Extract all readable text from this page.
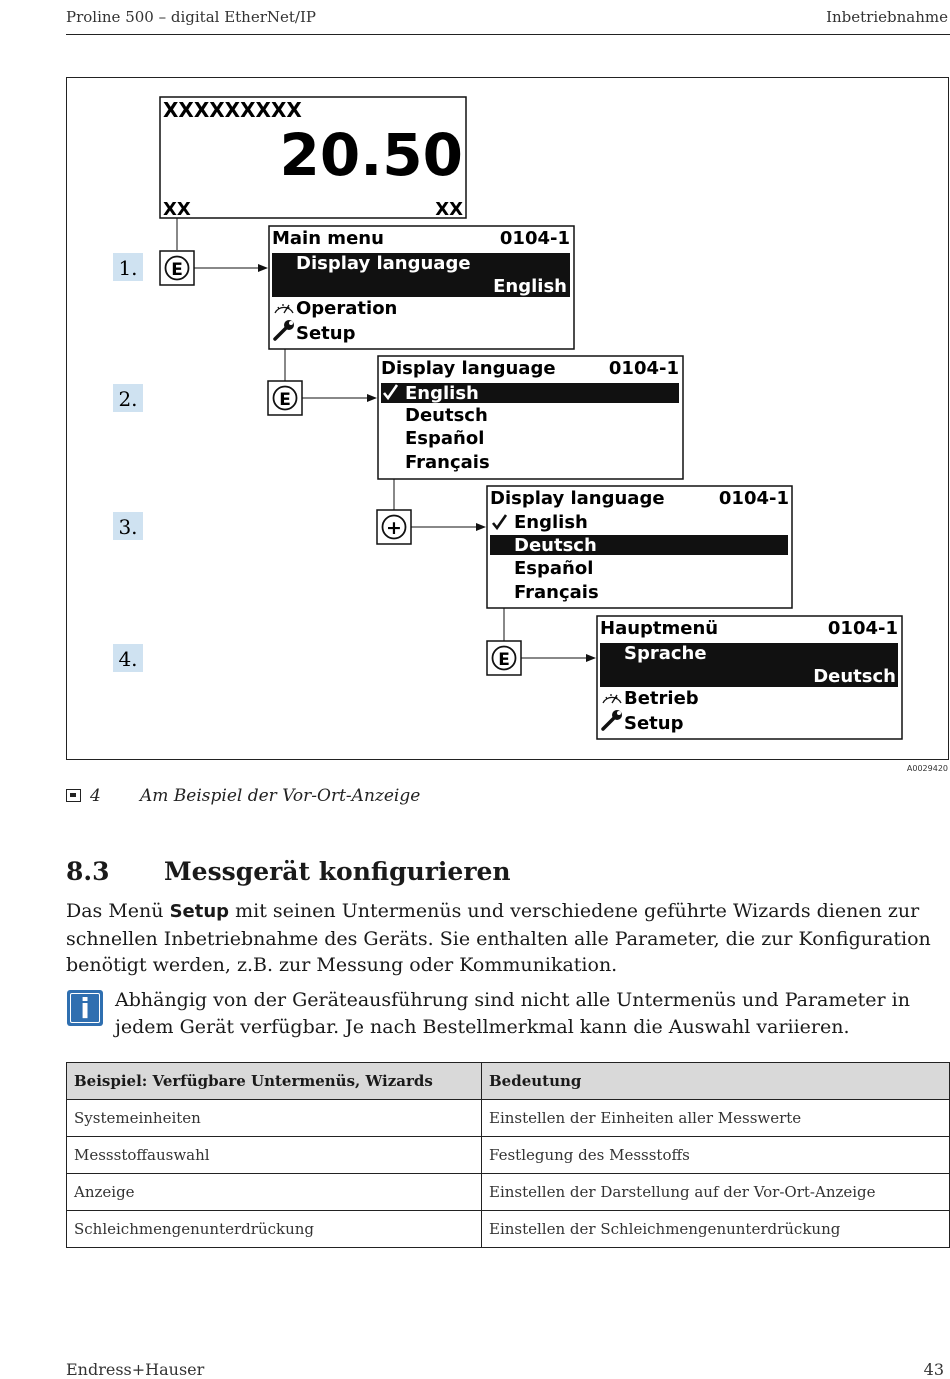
Proline 500 – digital EtherNet/IP	Inbetriebnahme
XXXXXXXXX
20.50
XX	XX
1.
2.
3.
4.
E
E
+
E
Main menu	0104-1
Display language
English
Operation
Setup
Display language	0104-1
English
Deutsch
Español
Français
Display language	0104-1
English
Deutsch
Español
Français
Hauptmenü	0104-1
Sprache
Deutsch
Betrieb
Setup
A0029420
4 Am Beispiel der Vor-Ort-Anzeige
8.3 Messgerät konfigurieren
Das Menü Setup mit seinen Untermenüs und verschiedene geführte Wizards dienen zur schnellen Inbetriebnahme des Geräts. Sie enthalten alle Parameter, die zur Konfiguration benötigt werden, z.B. zur Messung oder Kommunikation.
i	Abhängig von der Geräteausführung sind nicht alle Untermenüs und Parameter in jedem Gerät verfügbar. Je nach Bestellmerkmal kann die Auswahl variieren.
Beispiel: Verfügbare Untermenüs, Wizards	Bedeutung
Systemeinheiten	Einstellen der Einheiten aller Messwerte
Messstoffauswahl	Festlegung des Messstoffs
Anzeige	Einstellen der Darstellung auf der Vor-Ort-Anzeige
Schleichmengenunterdrückung	Einstellen der Schleichmengenunterdrückung
Endress+Hauser	43
